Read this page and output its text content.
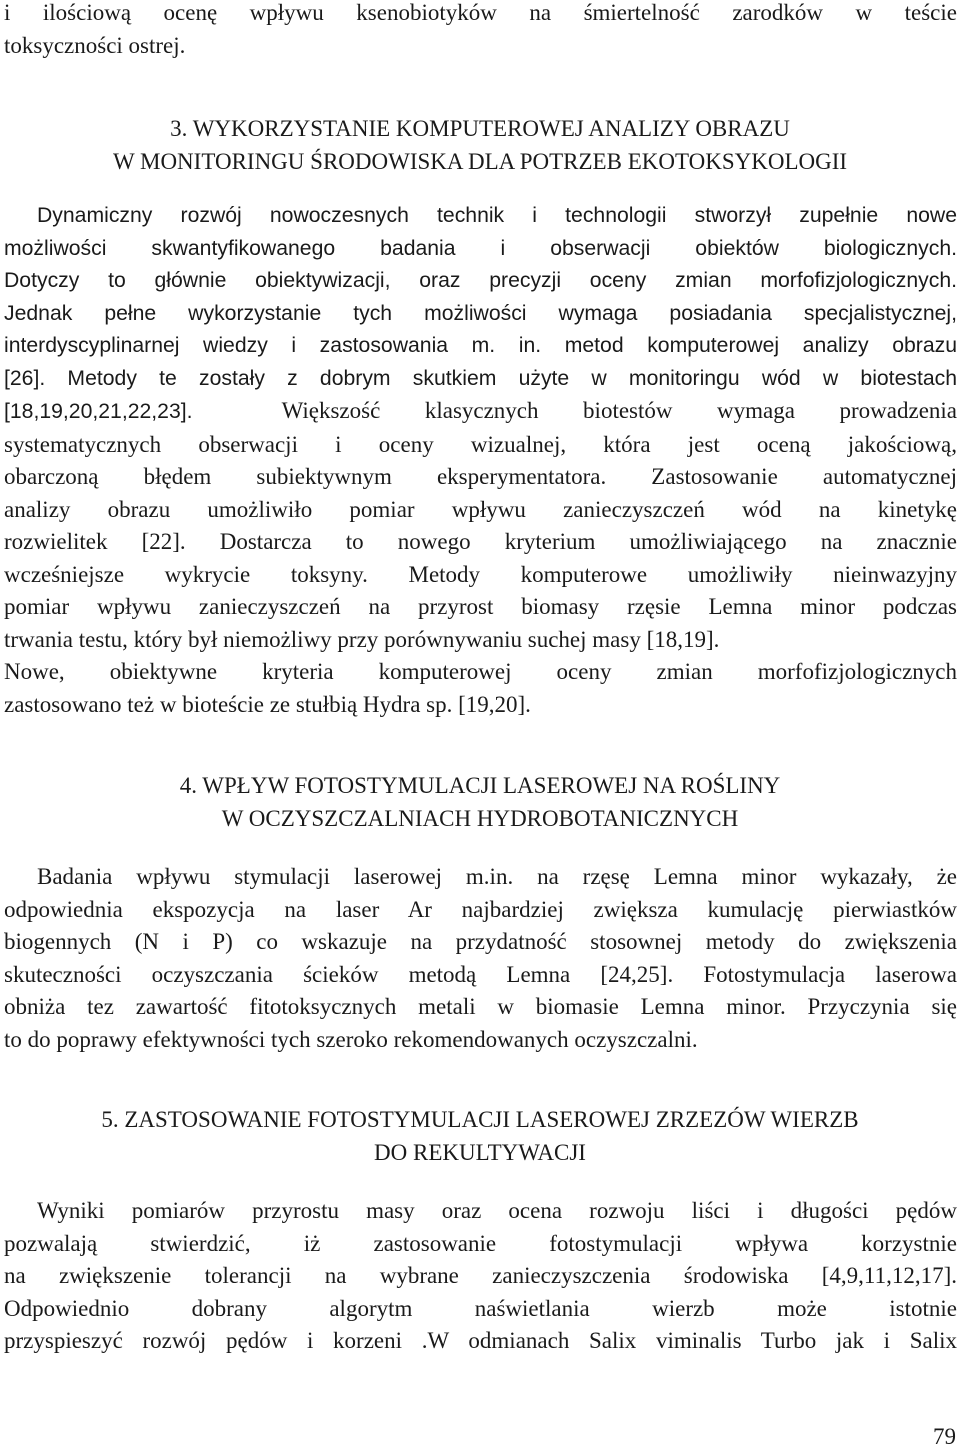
i ilościową ocenę wpływu ksenobiotyków na śmiertelność zarodków w teście
toksyczności ostrej.
3. WYKORZYSTANIE KOMPUTEROWEJ ANALIZY OBRAZU
W MONITORINGU ŚRODOWISKA DLA POTRZEB EKOTOKSYKOLOGII
Dynamiczny rozwój nowoczesnych technik i technologii stworzył zupełnie nowe
możliwości skwantyfikowanego badania i obserwacji obiektów biologicznych.
Dotyczy to głównie obiektywizacji, oraz precyzji oceny zmian morfofizjologicznych.
Jednak pełne wykorzystanie tych możliwości wymaga posiadania specjalistycznej,
interdyscyplinarnej wiedzy i zastosowania m. in. metod komputerowej analizy obrazu
[26]. Metody te zostały z dobrym skutkiem użyte w monitoringu wód w biotestach
[18,19,20,21,22,23].	Większość klasycznych biotestów wymaga prowadzenia
systematycznych obserwacji i oceny wizualnej, która jest oceną jakościową,
obarczoną błędem subiektywnym eksperymentatora. Zastosowanie automatycznej
analizy obrazu umożliwiło pomiar wpływu zanieczyszczeń wód na kinetykę
rozwielitek [22]. Dostarcza to nowego kryterium umożliwiającego na znacznie
wcześniejsze wykrycie toksyny. Metody komputerowe umożliwiły nieinwazyjny
pomiar wpływu zanieczyszczeń na przyrost biomasy rzęsie Lemna minor podczas
trwania testu, który był niemożliwy przy porównywaniu suchej masy [18,19].
Nowe, obiektywne kryteria komputerowej oceny zmian morfofizjologicznych
zastosowano też w bioteście ze stułbią Hydra sp. [19,20].
4. WPŁYW FOTOSTYMULACJI LASEROWEJ NA ROŚLINY
W OCZYSZCZALNIACH HYDROBOTANICZNYCH
Badania wpływu stymulacji laserowej m.in. na rzęsę Lemna minor wykazały, że
odpowiednia ekspozycja na laser Ar najbardziej zwiększa kumulację pierwiastków
biogennych (N i P) co wskazuje na przydatność stosownej metody do zwiększenia
skuteczności oczyszczania ścieków metodą Lemna [24,25]. Fotostymulacja laserowa
obniża tez zawartość fitotoksycznych metali w biomasie Lemna minor. Przyczynia się
to do poprawy efektywności tych szeroko rekomendowanych oczyszczalni.
5. ZASTOSOWANIE FOTOSTYMULACJI LASEROWEJ ZRZEZÓW WIERZB
DO REKULTYWACJI
Wyniki pomiarów przyrostu masy oraz ocena rozwoju liści i długości pędów
pozwalają stwierdzić, iż zastosowanie fotostymulacji wpływa korzystnie
na zwiększenie tolerancji na wybrane zanieczyszczenia środowiska [4,9,11,12,17].
Odpowiednio dobrany algorytm naświetlania wierzb może istotnie
przyspieszyć rozwój pędów i korzeni .W odmianach Salix viminalis Turbo jak i Salix
79
